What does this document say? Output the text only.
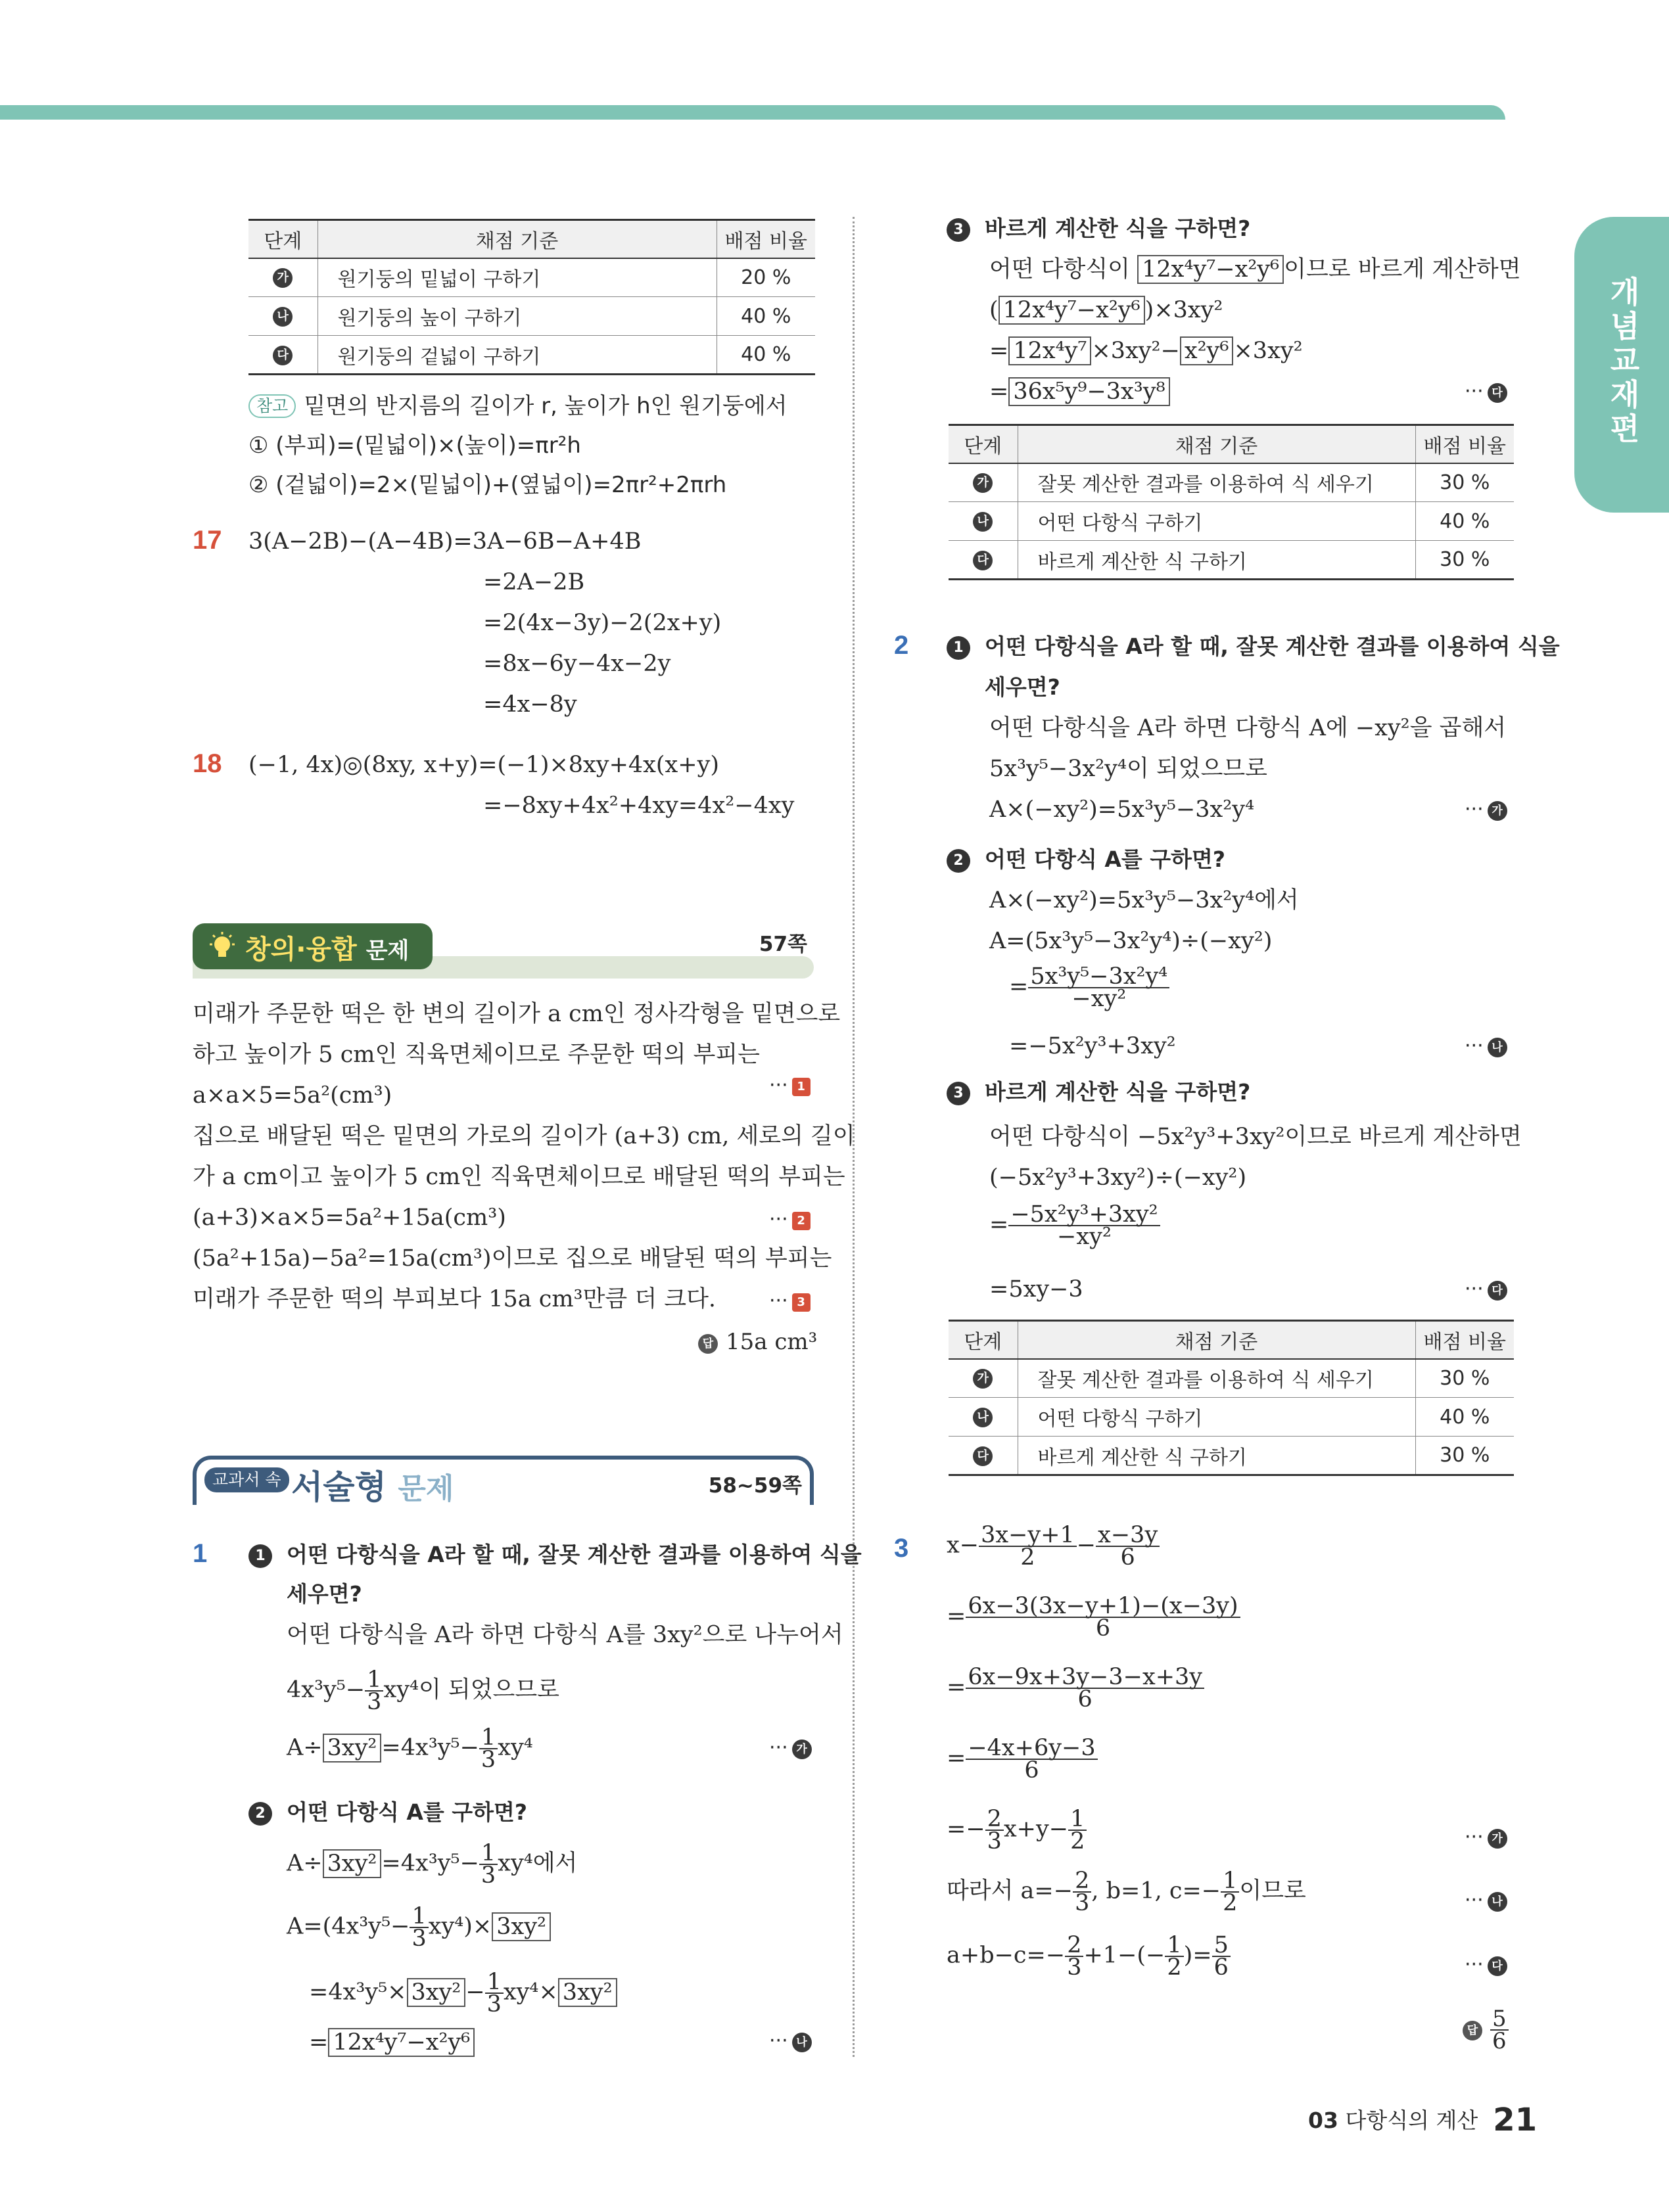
개념교재편
단계	채점 기준	배점 비율
가	원기둥의 밑넓이 구하기	20 %
나	원기둥의 높이 구하기	40 %
다	원기둥의 겉넓이 구하기	40 %
참고 밑면의 반지름의 길이가 r, 높이가 h인 원기둥에서
① (부피)=(밑넓이)×(높이)=πr²h
② (겉넓이)=2×(밑넓이)+(옆넓이)=2πr²+2πrh
17 3(A−2B)−(A−4B)=3A−6B−A+4B
=2A−2B
=2(4x−3y)−2(2x+y)
=8x−6y−4x−2y
=4x−8y
18 (−1, 4x)◎(8xy, x+y)=(−1)×8xy+4x(x+y)
=−8xy+4x²+4xy=4x²−4xy
창의·융합 문제	57쪽
미래가 주문한 떡은 한 변의 길이가 a cm인 정사각형을 밑면으로
하고 높이가 5 cm인 직육면체이므로 주문한 떡의 부피는
a×a×5=5a²(cm³)	··· 1
집으로 배달된 떡은 밑면의 가로의 길이가 (a+3) cm, 세로의 길이
가 a cm이고 높이가 5 cm인 직육면체이므로 배달된 떡의 부피는
(a+3)×a×5=5a²+15a(cm³)	··· 2
(5a²+15a)−5a²=15a(cm³)이므로 집으로 배달된 떡의 부피는
미래가 주문한 떡의 부피보다 15a cm³만큼 더 크다.	··· 3
답 15a cm³
교과서 속 서술형 문제	58~59쪽
1	1 어떤 다항식을 A라 할 때, 잘못 계산한 결과를 이용하여 식을
세우면?
어떤 다항식을 A라 하면 다항식 A를 3xy²으로 나누어서
$4x^3y^5- \frac{1}{3} xy^4$이 되었으므로
$A\div 3xy^2 =4x^3y^5- \frac{1}{3} xy^4$	··· 가
2 어떤 다항식 A를 구하면?
$A\div 3xy^2 =4x^3y^5- \frac{1}{3} xy^4$에서
$A=(4x^3y^5- \frac{1}{3} xy^4)\times 3xy^2$
$=4x^3y^5\times 3xy^2 - \frac{1}{3} xy^4\times 3xy^2$
= 12x⁴y⁷−x²y⁶	··· 나
3 바르게 계산한 식을 구하면?
어떤 다항식이 12x⁴y⁷−x²y⁶ 이므로 바르게 계산하면
( 12x⁴y⁷−x²y⁶ )×3xy²
= 12x⁴y⁷ ×3xy²− x²y⁶ ×3xy²
= 36x⁵y⁹−3x³y⁸	··· 다
단계	채점 기준	배점 비율
가	잘못 계산한 결과를 이용하여 식 세우기	30 %
나	어떤 다항식 구하기	40 %
다	바르게 계산한 식 구하기	30 %
2	1 어떤 다항식을 A라 할 때, 잘못 계산한 결과를 이용하여 식을
세우면?
어떤 다항식을 A라 하면 다항식 A에 −xy²을 곱해서
5x³y⁵−3x²y⁴이 되었으므로
A×(−xy²)=5x³y⁵−3x²y⁴	··· 가
2 어떤 다항식 A를 구하면?
A×(−xy²)=5x³y⁵−3x²y⁴에서
A=(5x³y⁵−3x²y⁴)÷(−xy²)
= $\frac{\text{5x³y⁵−3x²y⁴}}{\text{−xy²}}$
=−5x²y³+3xy²	··· 나
3 바르게 계산한 식을 구하면?
어떤 다항식이 −5x²y³+3xy²이므로 바르게 계산하면
(−5x²y³+3xy²)÷(−xy²)
= $\frac{\text{−5x²y³+3xy²}}{\text{−xy²}}$
=5xy−3	··· 다
단계	채점 기준	배점 비율
가	잘못 계산한 결과를 이용하여 식 세우기	30 %
나	어떤 다항식 구하기	40 %
다	바르게 계산한 식 구하기	30 %
3 $x- \frac{3x-y+1}{2} - \frac{x-3y}{6}$
= $\frac{6x-3(3x-y+1)-(x-3y)}{6}$
= $\frac{6x-9x+3y-3-x+3y}{6}$
= $\frac{-4x+6y-3}{6}$
=− $\frac{2}{3} x+y- \frac{1}{2}$	··· 가
따라서 $a=- \frac{2}{3}$ , b=1, $c=- \frac{1}{2}$ 이므로	··· 나
$a+b-c=- \frac{2}{3} +1-(- \frac{1}{2}$ )= $\frac{5}{6}$	··· 다
답 $\frac{5}{6}$
03 다항식의 계산 21
